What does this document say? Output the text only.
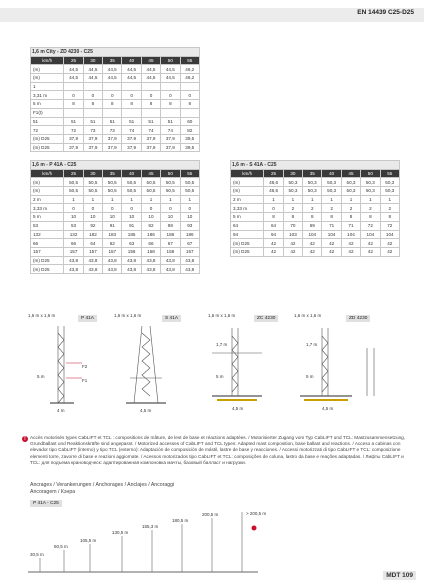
EN 14439 C25-D25
1,6 m City - ZD 4230 - C25							
km/h	25	30	35	40	45	50	55
(m)	44,5	44,5	44,5	44,5	44,5	44,5	46,2
(m)	44,5	44,5	44,5	44,5	44,5	44,5	46,2
1							
3,31 m	0	0	0	0	0	0	0
5 m	8	8	8	8	8	8	8
F1(t)							
51	51	51	51	51	51	51	60
72	72	73	73	74	74	74	82
(m) D25	37,9	37,9	37,9	37,9	37,9	37,9	39,5
(m) D25	37,9	37,9	37,9	37,9	37,9	37,9	39,5
1,6 m - P 41A - C25							
km/h	25	30	35	40	45	50	55
(m)	50,5	50,5	50,5	50,5	50,5	50,5	50,5
(m)	50,5	50,5	50,5	50,5	50,5	50,5	50,5
2 m	1	1	1	1	1	1	1
3,33 m	0	0	0	0	0	0	0
5 m	10	10	10	10	10	10	10
53	53	92	91	91	92	98	93
132	132	182	183	185	186	186	186
66	66	64	62	63	66	67	67
157	157	157	157	156	158	158	157
(m) D25	43,8	43,8	43,8	43,8	43,8	43,8	43,8
(m) D25	43,8	43,8	43,8	43,8	43,8	43,8	43,8
1,6 m - S 41A - C25							
km/h	25	30	35	40	45	50	55
(m)	48,6	50,3	50,3	50,3	50,3	50,3	50,3
(m)	48,6	50,3	50,3	50,3	50,3	50,3	50,3
2 m	1	1	1	1	1	1	1
3,33 m	0	2	2	2	2	2	2
5 m	8	8	8	8	8	8	8
64	64	70	69	71	71	72	72
94	94	103	104	104	104	104	104
(m) D25	42	42	42	42	42	42	42
(m) D25	42	42	42	42	42	42	42
1,6 m x 1,6 m	1,6 m x 1,6 m	1,6 m x 1,6 m	1,6 m x 1,6 m
5 m
F2
F1
4 m	4,5 m
1,7 m
5 m
4,5 m
1,7 m
5 m
4,5 m
P 41A	S 41A	ZC 4230	ZD 4230
! Accès motorisés types CabLIFT et TCL : compositions de mâture, de lest de base et réactions adaptées. / Motorisierter Zugang vom Typ CabLIFT und TCL: Mastzusammensetzung, Grundballast und Reaktionskräfte sind angepasst. / Motorized accesses of CabLIFT and TCL types: Adapted mast composition, base ballast and reactions. / Acceso a cabinas con elevador tipo CabLIFT (interno) y tipo TCL (externo): Adaptación de composición de mástil, lastre de base y reacciones. / Accessi motorizzati di tipo CabLIFT e TCL: composizione elementi torre, zavorre di base e reazioni aggiornate. / Acessos motorizados tipo CabLIFT et TCL: composições de coluna, lastro da base e reações adaptadas. / Лифты CabLIFT и TCL: для подъема крановодческ: адаптированная компоновка мачты, базовый балласт и нагрузки.
Ancrages / Verankerungen / Anchorages / Anclajes / Ancoraggi
Ancoragem / Кэнра
P 41A - C25
30,5 m
60,5 m
105,5 m
130,5 m
155,3 m
180,5 m
200,5 m	> 200,5 m
MDT 109
